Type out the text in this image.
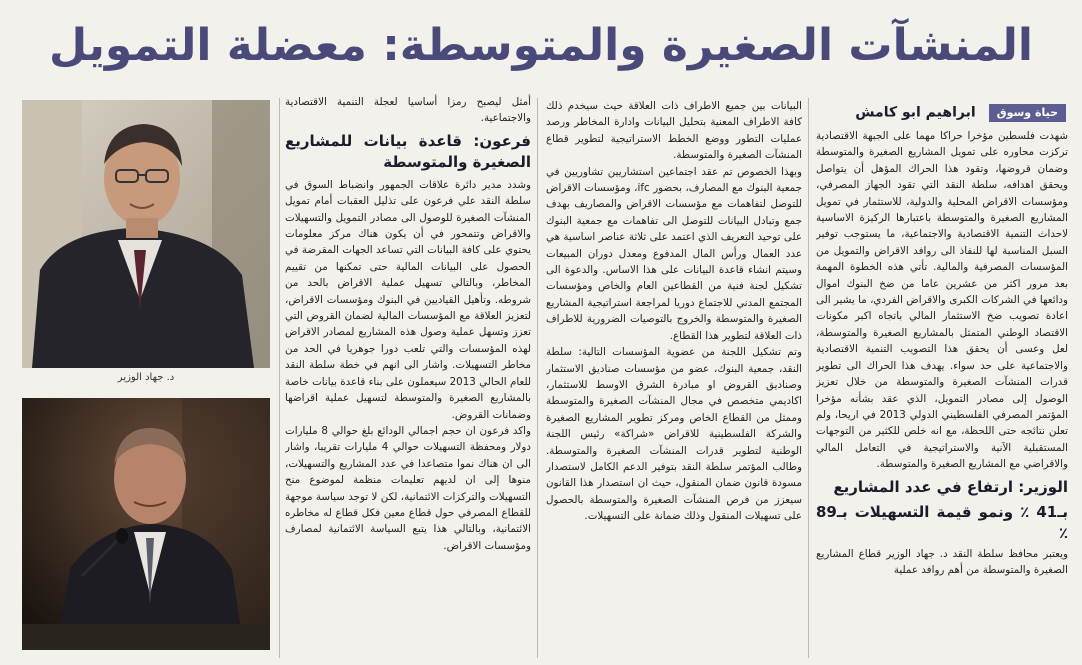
المنشآت الصغيرة والمتوسطة: معضلة التمويل
حياة وسوق ابراهيم ابو كامش

شهدت فلسطين مؤخرا حراكا مهما على الجبهة الاقتصادية تركزت محاوره على تمويل المشاريع الصغيرة والمتوسطة وضمان قروضها، وتقود هذا الحراك المؤهل أن يتواصل ويحقق اهدافه، سلطة النقد التي تقود الجهاز المصرفي، ومؤسسات الاقراض المحلية والدولية، للاستثمار في تمويل المشاريع الصغيرة والمتوسطة باعتبارها الركيزة الاساسية لاحداث التنمية الاقتصادية والاجتماعية، ما يستوجب توفير السبل المناسبة لها للنفاذ الى روافد الاقراض والتمويل من المؤسسات المصرفية والمالية. تأتي هذه الخطوة المهمة بعد مرور اكثر من عشرين عاما من ضخ البنوك اموال ودائعها في الشركات الكبرى والاقراض الفردي، ما يشير الى اعادة تصويب ضخ الاستثمار المالي باتجاه اكبر مكونات الاقتصاد الوطني المتمثل بالمشاريع الصغيرة والمتوسطة، لعل وعسى أن يحقق هذا التصويب التنمية الاقتصادية والاجتماعية على حد سواء. يهدف هذا الحراك الى تطوير قدرات المنشآت الصغيرة والمتوسطة من خلال تعزيز الوصول إلى مصادر التمويل، الذي عقد بشأنه مؤخرا المؤتمر المصرفي الفلسطيني الدولي 2013 في اريحا، ولم تعلن نتائجه حتى اللحظة، مع انه خلص للكثير من التوجهات المستقبلية الآنية والاستراتيجية في التعامل المالي والاقراضي مع المشاريع الصغيرة والمتوسطة.

الوزير: ارتفاع في عدد المشاريع
بـ41 ٪ ونمو قيمة التسهيلات بـ89 ٪

ويعتبر محافظ سلطة النقد د. جهاد الوزير قطاع المشاريع الصغيرة والمتوسطة من أهم روافد عملية

البيانات بين جميع الاطراف ذات العلاقة حيث سيخدم ذلك كافة الاطراف المعنية بتحليل البيانات وادارة المخاطر ورصد عمليات التطور ووضع الخطط الاستراتيجية لتطوير قطاع المنشآت الصغيرة والمتوسطة.

وبهذا الخصوص تم عقد اجتماعين استشاريين تشاوريين في جمعية البنوك مع المصارف، بحضور ifc، ومؤسسات الاقراض للتوصل لتفاهمات مع مؤسسات الاقراض والمصاريف بهدف جمع وتبادل البيانات للتوصل الى تفاهمات مع جمعية البنوك على توحيد التعريف الذي اعتمد على ثلاثة عناصر اساسية هي عدد العمال ورأس المال المدفوع ومعدل دوران المبيعات وسيتم انشاء قاعدة البيانات على هذا الاساس. والدعوة الى تشكيل لجنة فنية من القطاعين العام والخاص ومؤسسات المجتمع المدني للاجتماع دوريا لمراجعة استراتيجية المشاريع الصغيرة والمتوسطة والخروج بالتوصيات الضرورية للاطراف ذات العلاقة لتطوير هذا القطاع.

وتم تشكيل اللجنة من عضوية المؤسسات التالية: سلطة النقد، جمعية البنوك، عضو من مؤسسات صناديق الاستثمار وصناديق القروض او مبادرة الشرق الاوسط للاستثمار، اكاديمي متخصص في مجال المنشآت الصغيرة والمتوسطة وممثل من القطاع الخاص ومركز تطوير المشاريع الصغيرة والشركة الفلسطينية للاقراض «شراكة» رئيس اللجنة الوطنية لتطوير قدرات المنشآت الصغيرة والمتوسطة. وطالب المؤتمر سلطة النقد بتوفير الدعم الكامل لاستصدار مسودة قانون ضمان المنقول، حيث ان استصدار هذا القانون سيعزز من فرص المنشآت الصغيرة والمتوسطة بالحصول على تسهيلات المنقول وذلك ضمانة على التسهيلات.

أمثل ليصبح رمزا أساسيا لعجلة التنمية الاقتصادية والاجتماعية.

فرعون: قاعدة بيانات للمشاريع الصغيرة والمتوسطة

وشدد مدير دائرة علاقات الجمهور وانضباط السوق في سلطة النقد علي فرعون على تذليل العقبات أمام تمويل المنشآت الصغيرة للوصول الى مصادر التمويل والتسهيلات والاقراض وتتمحور في أن يكون هناك مركز معلومات يحتوي على كافة البيانات التي تساعد الجهات المقرضة في الحصول على البيانات المالية حتى تمكنها من تقييم المخاطر، وبالتالي تسهيل عملية الاقراض بالحد من شروطه. وتأهيل القياديين في البنوك ومؤسسات الاقراض، لتعزيز العلاقة مع المؤسسات المالية لضمان القروض التي تعزز وتسهل عملية وصول هذه المشاريع لمصادر الاقراض لهذه المؤسسات والتي تلعب دورا جوهريا في الحد من مخاطر التسهيلات. واشار الى انهم في خطة سلطة النقد للعام الحالي 2013 سيعملون على بناء قاعدة بيانات خاصة بالمشاريع الصغيرة والمتوسطة لتسهيل عملية اقراضها وضمانات القروض.

واكد فرعون ان حجم اجمالي الودائع بلغ حوالي 8 مليارات دولار ومحفظة التسهيلات حوالي 4 مليارات تقريبا، واشار الى ان هناك نموا متصاعدا في عدد المشاريع والتسهيلات، منوها إلى ان لديهم تعليمات منظمة لموضوع منح التسهيلات والتركزات الائتمانية، لكن لا توجد سياسة موجهة للقطاع المصرفي حول قطاع معين فكل قطاع له مخاطره الائتمانية، وبالتالي هذا يتبع السياسة الائتمانية لمصارف ومؤسسات الاقراض.

د. جهاد الوزير
